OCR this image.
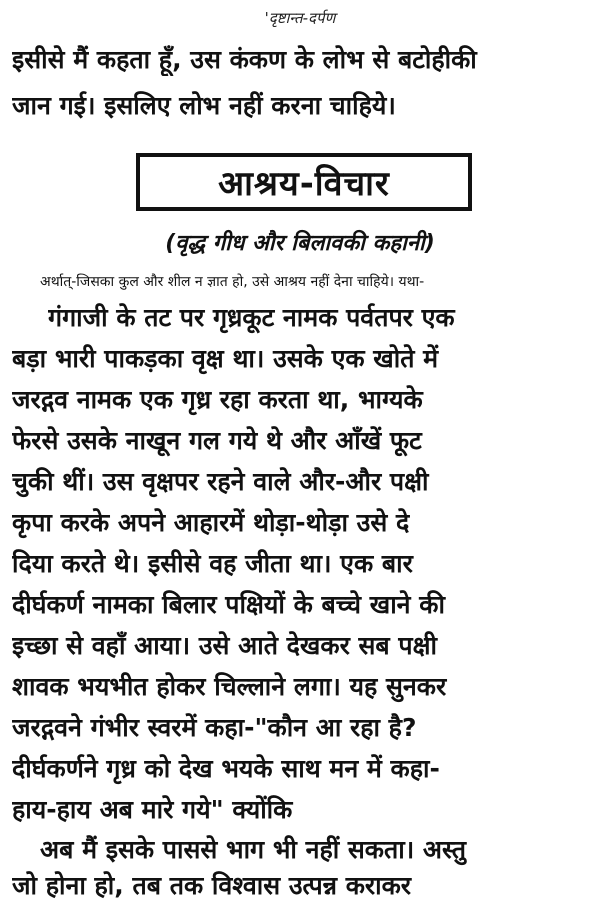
'दृष्टान्त-दर्पण
इसीसे मैं कहता हूँ, उस कंकण के लोभ से बटोहीकी
जान गई। इसलिए लोभ नहीं करना चाहिये।
आश्रय-विचार
(वृद्ध गीध और बिलावकी कहानी)
अर्थात्-जिसका कुल और शील न ज्ञात हो, उसे आश्रय नहीं देना चाहिये। यथा-
गंगाजी के तट पर गृध्रकूट नामक पर्वतपर एक
बड़ा भारी पाकड़का वृक्ष था। उसके एक खोते में
जरद्गव नामक एक गृध्र रहा करता था, भाग्यके
फेरसे उसके नाखून गल गये थे और आँखें फूट
चुकी थीं। उस वृक्षपर रहने वाले और-और पक्षी
कृपा करके अपने आहारमें थोड़ा-थोड़ा उसे दे
दिया करते थे। इसीसे वह जीता था। एक बार
दीर्घकर्ण नामका बिलार पक्षियों के बच्चे खाने की
इच्छा से वहाँ आया। उसे आते देखकर सब पक्षी
शावक भयभीत होकर चिल्लाने लगा। यह सुनकर
जरद्गवने गंभीर स्वरमें कहा-"कौन आ रहा है?
दीर्घकर्णने गृध्र को देख भयके साथ मन में कहा-
हाय-हाय अब मारे गये" क्योंकि
अब मैं इसके पाससे भाग भी नहीं सकता। अस्तु
जो होना हो, तब तक विश्वास उत्पन्न कराकर
